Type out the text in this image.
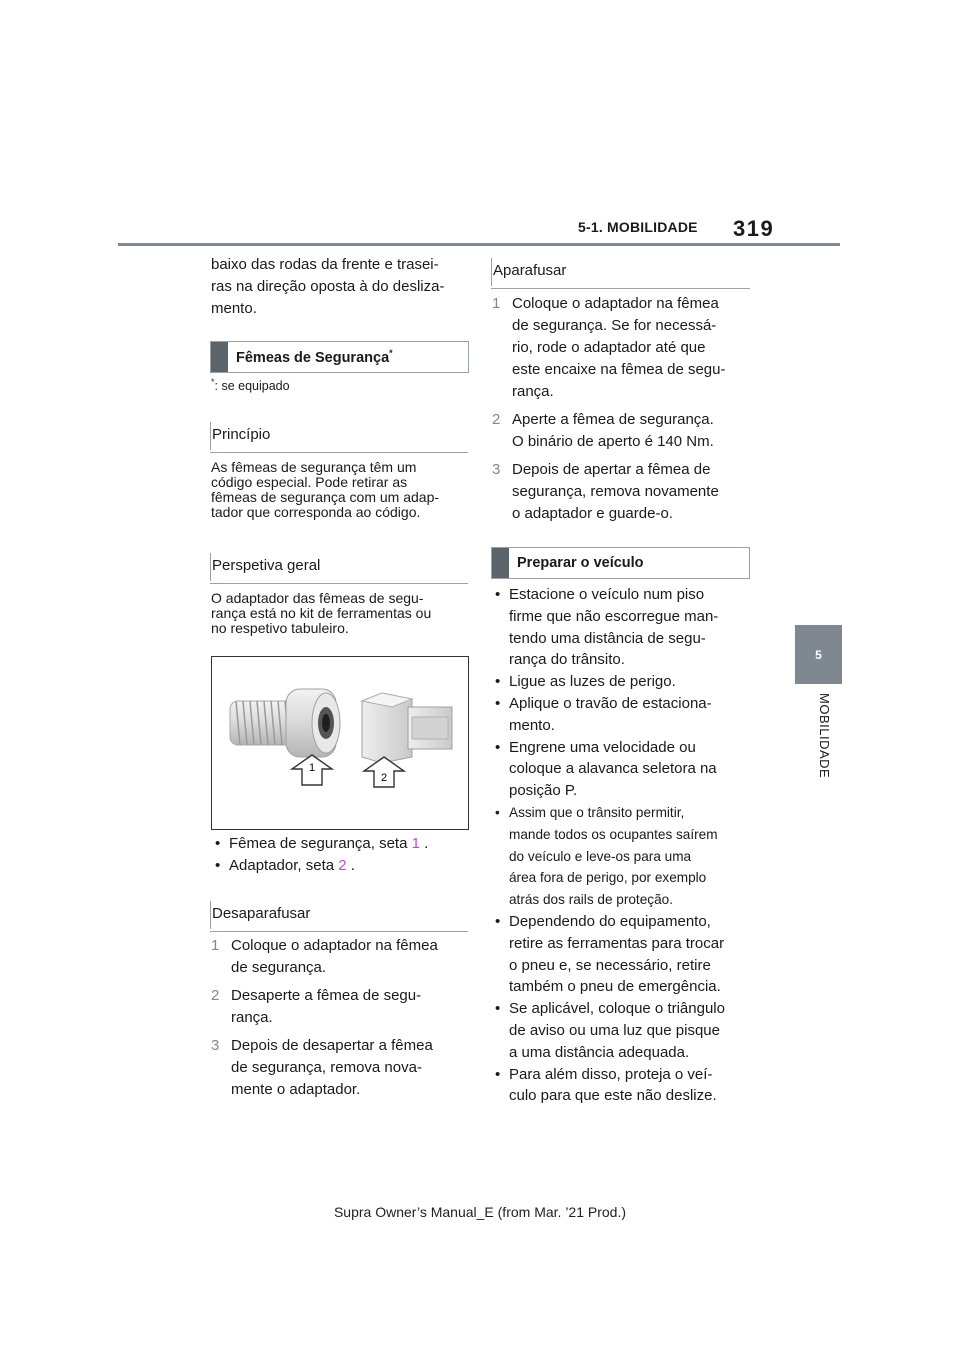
5-1. MOBILIDADE 319
5
MOBILIDADE
baixo das rodas da frente e trasei-
ras na direção oposta à do desliza-
mento.
Fêmeas de Segurança*
*: se equipado
Princípio
As fêmeas de segurança têm um
código especial. Pode retirar as
fêmeas de segurança com um adap-
tador que corresponda ao código.
Perspetiva geral
O adaptador das fêmeas de segu-
rança está no kit de ferramentas ou
no respetivo tabuleiro.
1
2
• Fêmea de segurança, seta 1 .
• Adaptador, seta 2 .
Desaparafusar
1 Coloque o adaptador na fêmea
de segurança.
2 Desaperte a fêmea de segu-
rança.
3 Depois de desapertar a fêmea
de segurança, remova nova-
mente o adaptador.
Aparafusar
1 Coloque o adaptador na fêmea
de segurança. Se for necessá-
rio, rode o adaptador até que
este encaixe na fêmea de segu-
rança.
2 Aperte a fêmea de segurança.
O binário de aperto é 140 Nm.
3 Depois de apertar a fêmea de
segurança, remova novamente
o adaptador e guarde-o.
Preparar o veículo
• Estacione o veículo num piso
firme que não escorregue man-
tendo uma distância de segu-
rança do trânsito.
• Ligue as luzes de perigo.
• Aplique o travão de estaciona-
mento.
• Engrene uma velocidade ou
coloque a alavanca seletora na
posição P.
• Assim que o trânsito permitir,
mande todos os ocupantes saírem
do veículo e leve-os para uma
área fora de perigo, por exemplo
atrás dos rails de proteção.
• Dependendo do equipamento,
retire as ferramentas para trocar
o pneu e, se necessário, retire
também o pneu de emergência.
• Se aplicável, coloque o triângulo
de aviso ou uma luz que pisque
a uma distância adequada.
• Para além disso, proteja o veí-
culo para que este não deslize.
Supra Owner’s Manual_E (from Mar. ’21 Prod.)
